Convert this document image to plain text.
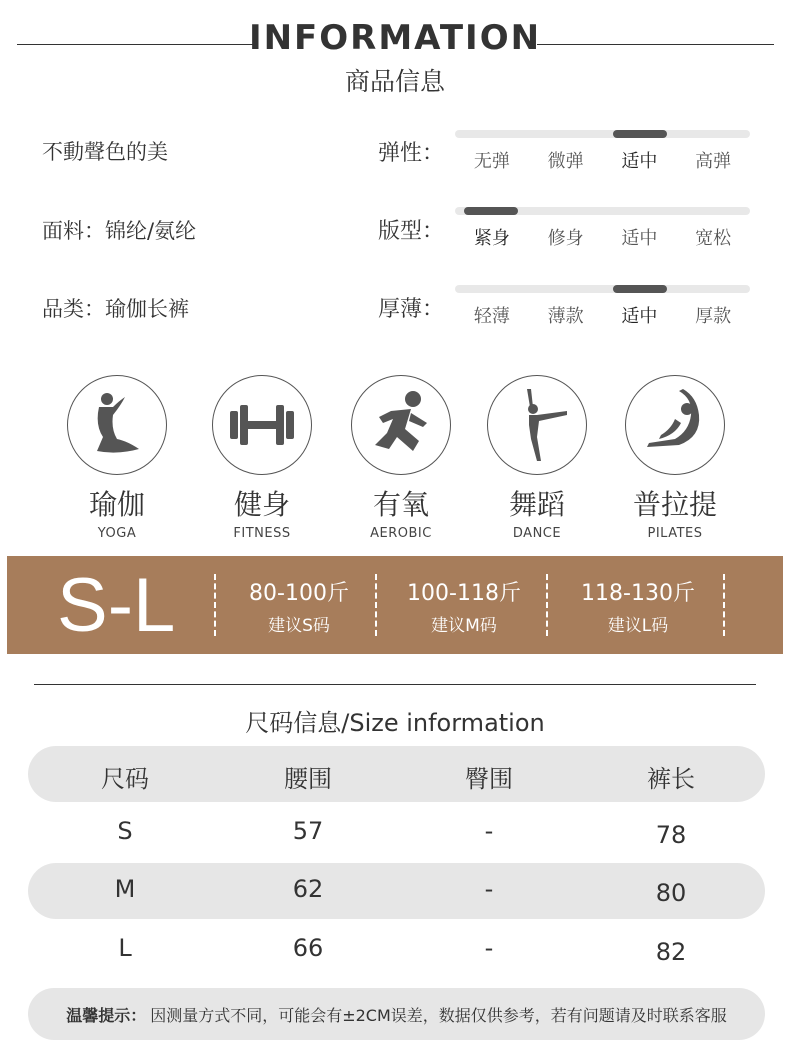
INFORMATION
商品信息
不動聲色的美
面料：锦纶/氨纶
品类：瑜伽长裤
弹性：	无弹	微弹	适中	高弹
版型：	紧身	修身	适中	宽松
厚薄：	轻薄	薄款	适中	厚款
瑜伽
YOGA
健身
FITNESS
有氧
AEROBIC
舞蹈
DANCE
普拉提
PILATES
S-L	80-100斤
建议S码
100-118斤
建议M码
118-130斤
建议L码
尺码信息/Size information
尺码	腰围	臀围	裤长
S	57	-	78
M	62	-	80
L	66	-	82
温馨提示： 因测量方式不同，可能会有±2CM误差，数据仅供参考，若有问题请及时联系客服
